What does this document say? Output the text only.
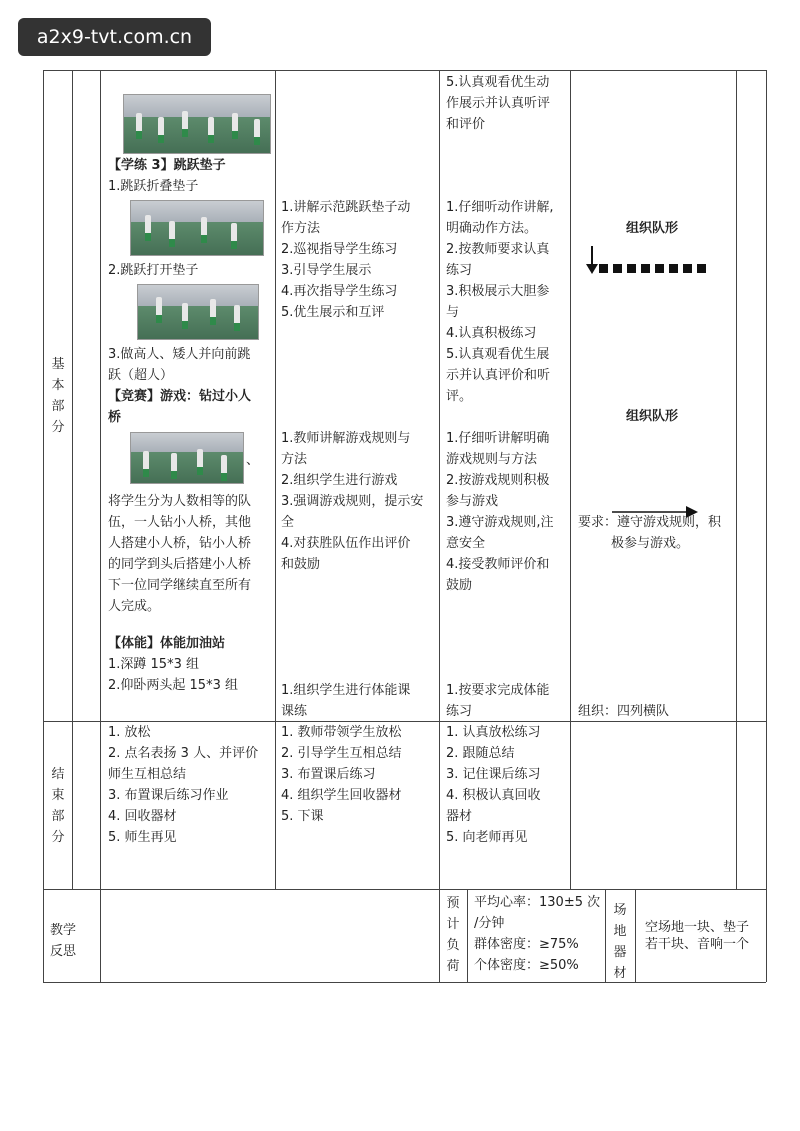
a2x9-tvt.com.cn
基本部分
结束部分
【学练 3】跳跃垫子
1.跳跃折叠垫子
2.跳跃打开垫子
3.做高人、矮人并向前跳
跃（超人）
【竞赛】游戏：钻过小人
桥
、
将学生分为人数相等的队
伍，一人钻小人桥，其他
人搭建小人桥，钻小人桥
的同学到头后搭建小人桥
下一位同学继续直至所有
人完成。
【体能】体能加油站
1.深蹲 15*3 组
2.仰卧两头起 15*3 组
1.讲解示范跳跃垫子动
作方法
2.巡视指导学生练习
3.引导学生展示
4.再次指导学生练习
5.优生展示和互评
1.教师讲解游戏规则与
方法
2.组织学生进行游戏
3.强调游戏规则，提示安
全
4.对获胜队伍作出评价
和鼓励
1.组织学生进行体能课
课练
5.认真观看优生动
作展示并认真听评
和评价
1.仔细听动作讲解,
明确动作方法。
2.按教师要求认真
练习
3.积极展示大胆参
与
4.认真积极练习
5.认真观看优生展
示并认真评价和听
评。
1.仔细听讲解明确
游戏规则与方法
2.按游戏规则积极
参与游戏
3.遵守游戏规则,注
意安全
4.接受教师评价和
鼓励
1.按要求完成体能
练习
组织队形
组织队形
要求：遵守游戏规则，积
极参与游戏。
组织：四列横队
1. 放松
2. 点名表扬 3 人、并评价
师生互相总结
3. 布置课后练习作业
4. 回收器材
5. 师生再见
1. 教师带领学生放松
2. 引导学生互相总结
3. 布置课后练习
4. 组织学生回收器材
5. 下课
1. 认真放松练习
2. 跟随总结
3. 记住课后练习
4. 积极认真回收
器材
5. 向老师再见
教学反思
预计负荷
平均心率：130±5 次
/分钟
群体密度：≥75%
个体密度：≥50%
场地器材
空场地一块、垫子
若干块、音响一个
